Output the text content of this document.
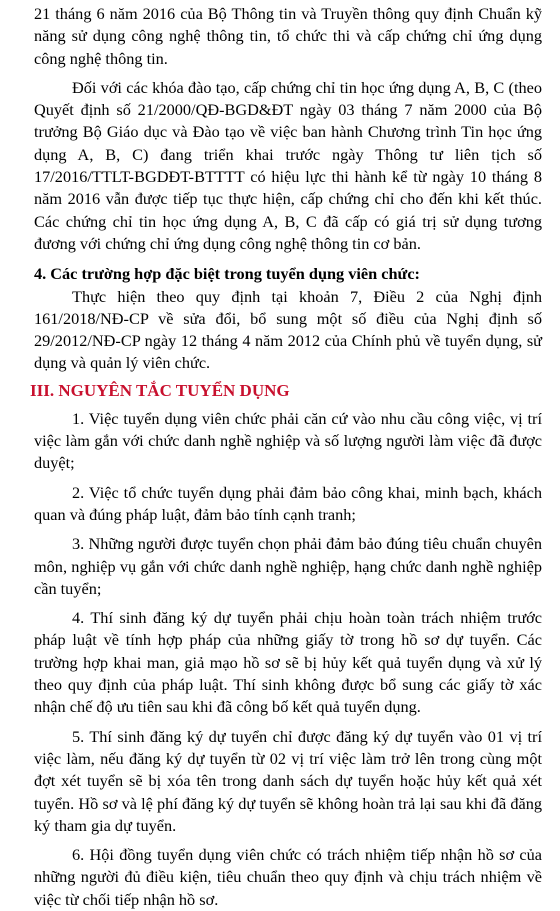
21 tháng 6 năm 2016 của Bộ Thông tin và Truyền thông quy định Chuẩn kỹ năng sử dụng công nghệ thông tin, tổ chức thi và cấp chứng chỉ ứng dụng công nghệ thông tin.

Đối với các khóa đào tạo, cấp chứng chỉ tin học ứng dụng A, B, C (theo Quyết định số 21/2000/QĐ-BGD&ĐT ngày 03 tháng 7 năm 2000 của Bộ trưởng Bộ Giáo dục và Đào tạo về việc ban hành Chương trình Tin học ứng dụng A, B, C) đang triển khai trước ngày Thông tư liên tịch số 17/2016/TTLT-BGDĐT-BTTTT có hiệu lực thi hành kể từ ngày 10 tháng 8 năm 2016 vẫn được tiếp tục thực hiện, cấp chứng chỉ cho đến khi kết thúc. Các chứng chỉ tin học ứng dụng A, B, C đã cấp có giá trị sử dụng tương đương với chứng chỉ ứng dụng công nghệ thông tin cơ bản.

4. Các trường hợp đặc biệt trong tuyển dụng viên chức:

Thực hiện theo quy định tại khoản 7, Điều 2 của Nghị định 161/2018/NĐ-CP về sửa đổi, bổ sung một số điều của Nghị định số 29/2012/NĐ-CP ngày 12 tháng 4 năm 2012 của Chính phủ về tuyển dụng, sử dụng và quản lý viên chức.

III. NGUYÊN TẮC TUYỂN DỤNG

1. Việc tuyển dụng viên chức phải căn cứ vào nhu cầu công việc, vị trí việc làm gắn với chức danh nghề nghiệp và số lượng người làm việc đã được duyệt;

2. Việc tổ chức tuyển dụng phải đảm bảo công khai, minh bạch, khách quan và đúng pháp luật, đảm bảo tính cạnh tranh;

3. Những người được tuyển chọn phải đảm bảo đúng tiêu chuẩn chuyên môn, nghiệp vụ gắn với chức danh nghề nghiệp, hạng chức danh nghề nghiệp cần tuyển;

4. Thí sinh đăng ký dự tuyển phải chịu hoàn toàn trách nhiệm trước pháp luật về tính hợp pháp của những giấy tờ trong hồ sơ dự tuyển. Các trường hợp khai man, giả mạo hồ sơ sẽ bị hủy kết quả tuyển dụng và xử lý theo quy định của pháp luật. Thí sinh không được bổ sung các giấy tờ xác nhận chế độ ưu tiên sau khi đã công bố kết quả tuyển dụng.

5. Thí sinh đăng ký dự tuyển chỉ được đăng ký dự tuyển vào 01 vị trí việc làm, nếu đăng ký dự tuyển từ 02 vị trí việc làm trở lên trong cùng một đợt xét tuyển sẽ bị xóa tên trong danh sách dự tuyển hoặc hủy kết quả xét tuyển. Hồ sơ và lệ phí đăng ký dự tuyển sẽ không hoàn trả lại sau khi đã đăng ký tham gia dự tuyển.

6. Hội đồng tuyển dụng viên chức có trách nhiệm tiếp nhận hồ sơ của những người đủ điều kiện, tiêu chuẩn theo quy định và chịu trách nhiệm về việc từ chối tiếp nhận hồ sơ.
